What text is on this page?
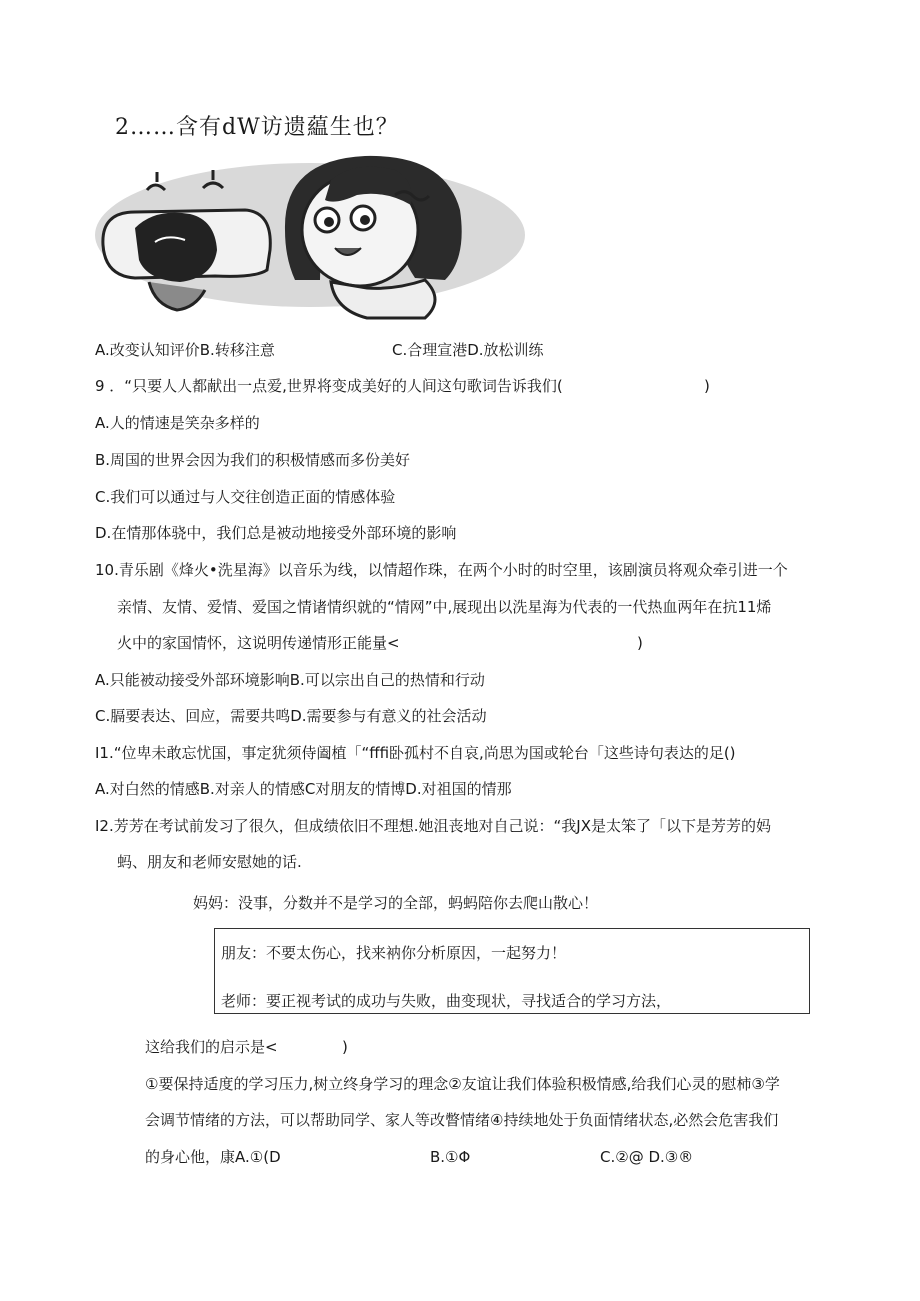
2……含有dW访遗藴生也？
A.改变认知评价B.转移注意	C.合理宣港D.放松训练
9 ．“只要人人都献出一点爱,世界将变成美好的人间这句歌词告诉我们(	)
A.人的情速是笑杂多样的
B.周国的世界会因为我们的积极情感而多份美好
C.我们可以通过与人交往创造正面的情感体验
D.在情那体骁中，我们总是被动地接受外部环境的影响
10.青乐剧《烽火•洗星海》以音乐为线，以情超作珠，在两个小时的时空里，该剧演员将观众牵引进一个
亲情、友情、爱情、爱国之情诸情织就的“情网”中,展现出以洗星海为代表的一代热血两年在抗11烯
火中的家国情怀，这说明传递情形正能量<	)
A.只能被动接受外部环境影响B.可以宗出自己的热情和行动
C.膈要表达、回应，需要共鸣D.需要参与有意义的社会活动
I1.“位卑未敢忘忧国，事定犹须侍阖植「“fffi卧孤村不自哀,尚思为国或轮台「这些诗句表达的足()
A.对白然的情感B.对亲人的情感C对朋友的情博D.对祖国的情那
I2.芳芳在考试前发习了很久，但成绩依旧不理想.她沮丧地对自己说：“我JX是太笨了「以下是芳芳的妈
蚂、朋友和老师安慰她的话.
妈妈：没事，分数并不是学习的全部，蚂蚂陪你去爬山散心！
朋友：不要太伤心，找来衲你分析原因，一起努力！
老师：要正视考试的成功与失败，曲变现状，寻找适合的学习方法，
这给我们的启示是<	)
①要保持适度的学习压力,树立终身学习的理念②友谊让我们体验积极情感,给我们心灵的慰柿③学
会调节情绪的方法，可以帮助同学、家人等改瞥情绪④持续地处于负面情绪状态,必然会危害我们
的身心他，康A.①(D	B.①Φ	C.②@ D.③®
